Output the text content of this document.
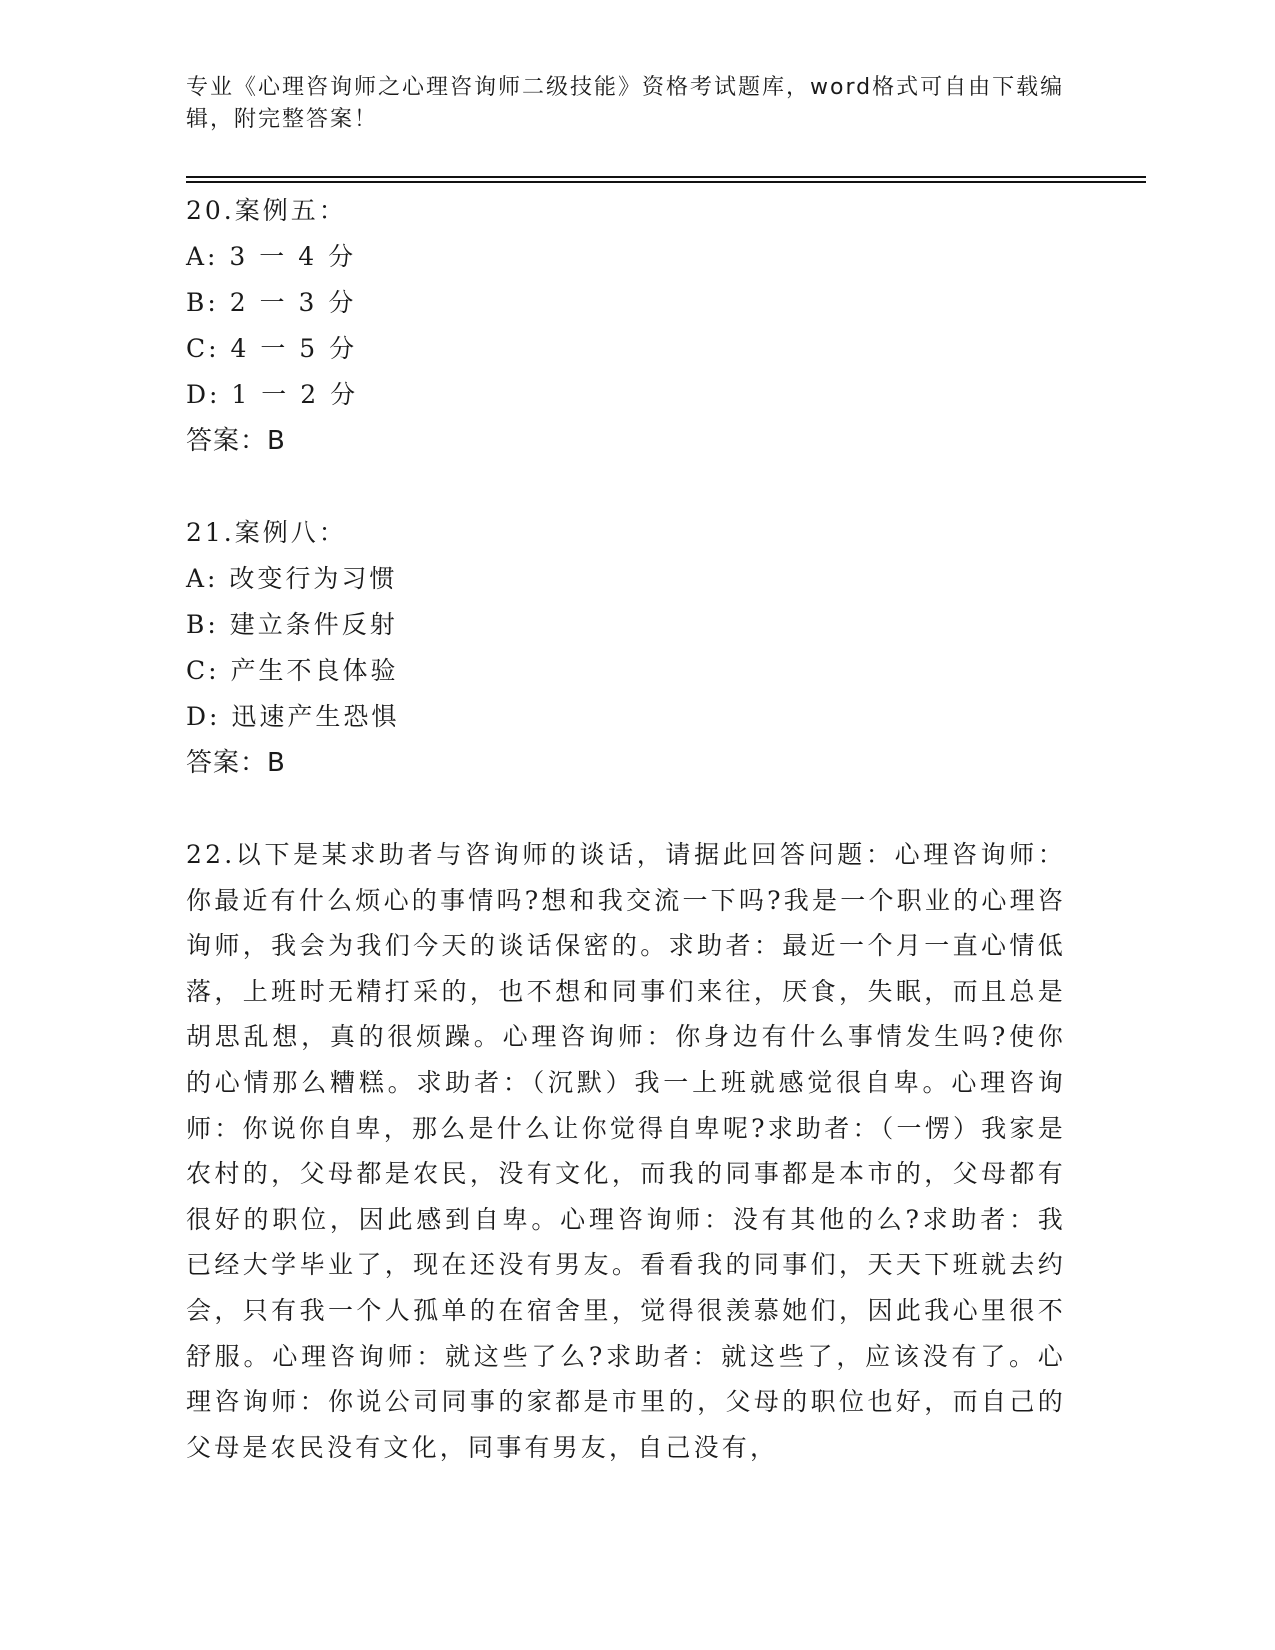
专业《心理咨询师之心理咨询师二级技能》资格考试题库，word格式可自由下载编辑，附完整答案！
20.案例五：
A: 3 一 4 分
B: 2 一 3 分
C: 4 一 5 分
D: 1 一 2 分
答案：B
21.案例八：
A: 改变行为习惯
B: 建立条件反射
C: 产生不良体验
D: 迅速产生恐惧
答案：B
22.以下是某求助者与咨询师的谈话，请据此回答问题：心理咨询师：你最近有什么烦心的事情吗?想和我交流一下吗?我是一个职业的心理咨询师，我会为我们今天的谈话保密的。求助者：最近一个月一直心情低落，上班时无精打采的，也不想和同事们来往，厌食，失眠，而且总是胡思乱想，真的很烦躁。心理咨询师：你身边有什么事情发生吗?使你的心情那么糟糕。求助者：（沉默）我一上班就感觉很自卑。心理咨询师：你说你自卑，那么是什么让你觉得自卑呢?求助者：（一愣）我家是农村的，父母都是农民，没有文化，而我的同事都是本市的，父母都有很好的职位，因此感到自卑。心理咨询师：没有其他的么?求助者：我已经大学毕业了，现在还没有男友。看看我的同事们，天天下班就去约会，只有我一个人孤单的在宿舍里，觉得很羡慕她们，因此我心里很不舒服。心理咨询师：就这些了么?求助者：就这些了，应该没有了。心理咨询师：你说公司同事的家都是市里的，父母的职位也好，而自己的父母是农民没有文化，同事有男友，自己没有，
